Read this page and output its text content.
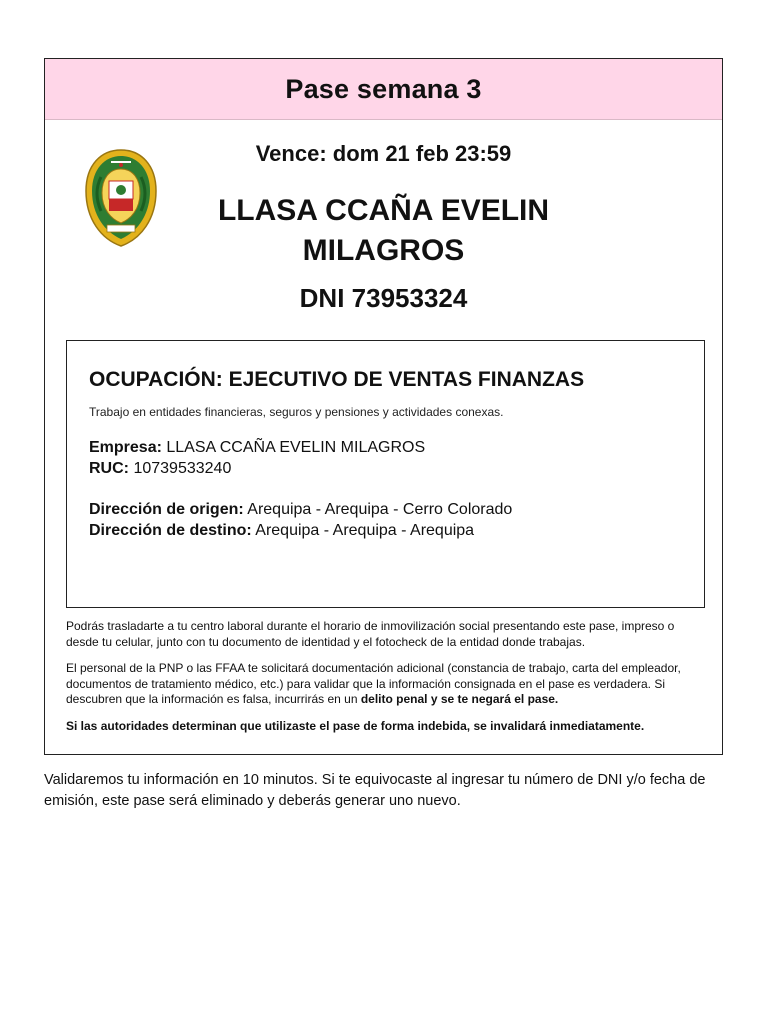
Pase semana 3
Vence: dom 21 feb 23:59
LLASA CCAÑA EVELIN MILAGROS
DNI 73953324

OCUPACIÓN: EJECUTIVO DE VENTAS FINANZAS

Trabajo en entidades financieras, seguros y pensiones y actividades conexas.
Empresa: LLASA CCAÑA EVELIN MILAGROS
RUC: 10739533240
Dirección de origen: Arequipa - Arequipa - Cerro Colorado
Dirección de destino: Arequipa - Arequipa - Arequipa

Podrás trasladarte a tu centro laboral durante el horario de inmovilización social presentando este pase, impreso o desde tu celular, junto con tu documento de identidad y el fotocheck de la entidad donde trabajas.

El personal de la PNP o las FFAA te solicitará documentación adicional (constancia de trabajo, carta del empleador, documentos de tratamiento médico, etc.) para validar que la información consignada en el pase es verdadera. Si descubren que la información es falsa, incurrirás en un delito penal y se te negará el pase.

Si las autoridades determinan que utilizaste el pase de forma indebida, se invalidará inmediatamente.

Validaremos tu información en 10 minutos. Si te equivocaste al ingresar tu número de DNI y/o fecha de emisión, este pase será eliminado y deberás generar uno nuevo.
